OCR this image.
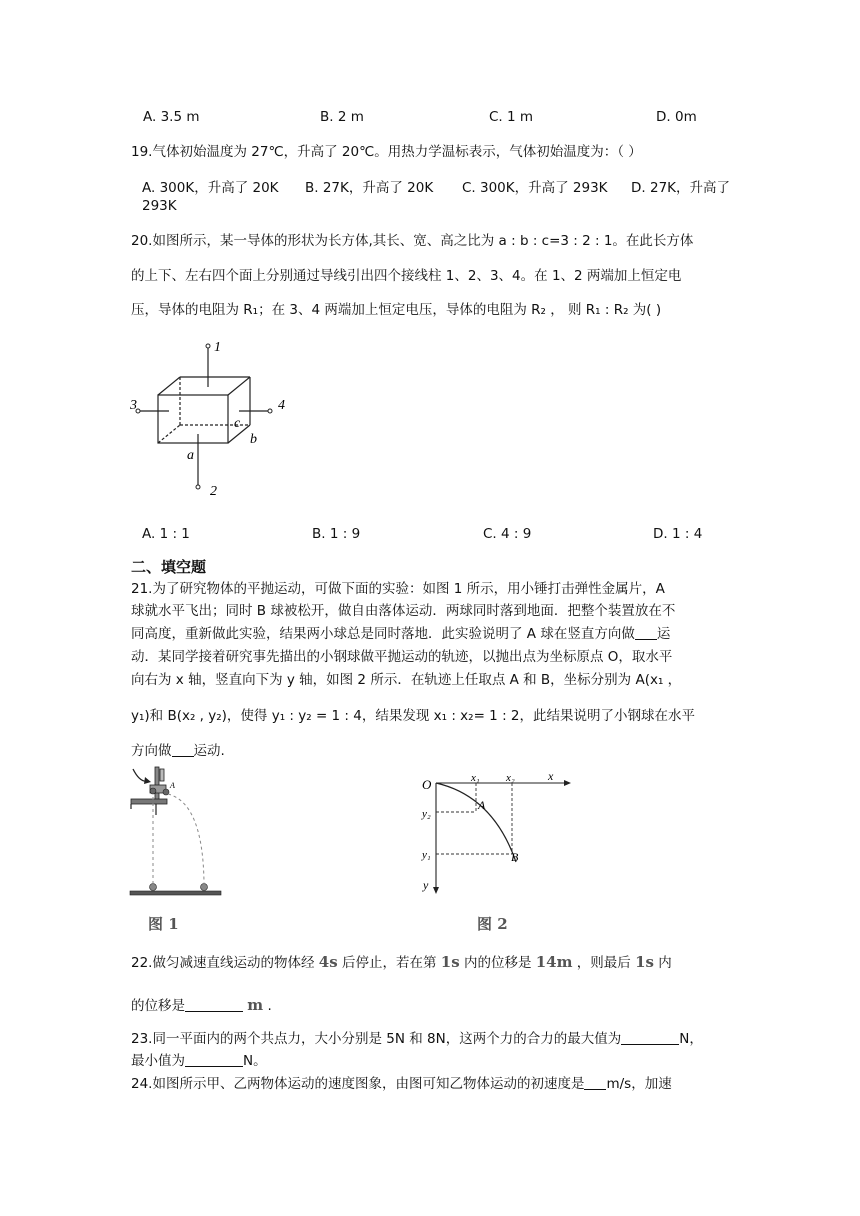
A. 3.5 m	B. 2 m	C. 1 m	D. 0m
19.气体初始温度为 27℃，升高了 20℃。用热力学温标表示，气体初始温度为：（ ）
A. 300K，升高了 20K B. 27K，升高了 20K C. 300K，升高了 293K D. 27K，升高了
293K
20.如图所示，某一导体的形状为长方体,其长、宽、高之比为 a : b : c=3 : 2 : 1。在此长方体
的上下、左右四个面上分别通过导线引出四个接线柱 1、2、3、4。在 1、2 两端加上恒定电
压，导体的电阻为 R₁；在 3、4 两端加上恒定电压，导体的电阻为 R₂ ， 则 R₁ : R₂ 为( )
1
2
3	4
a
b
c
A. 1 : 1	B. 1 : 9	C. 4 : 9	D. 1 : 4
二、填空题
21.为了研究物体的平抛运动，可做下面的实验：如图 1 所示，用小锤打击弹性金属片，A
球就水平飞出；同时 B 球被松开，做自由落体运动．两球同时落到地面．把整个装置放在不
同高度，重新做此实验，结果两小球总是同时落地．此实验说明了 A 球在竖直方向做 运
动．某同学接着研究事先描出的小钢球做平抛运动的轨迹，以抛出点为坐标原点 O，取水平
向右为 x 轴，竖直向下为 y 轴，如图 2 所示．在轨迹上任取点 A 和 B，坐标分别为 A(x₁ ，
y₁)和 B(x₂ , y₂)，使得 y₁ : y₂ = 1 : 4，结果发现 x₁ : x₂= 1 : 2，此结果说明了小钢球在水平
方向做 运动.
A
图 1
O	x₁ x₂	x
y
y₂
y₁
A
B
图 2
22.做匀减速直线运动的物体经 4s 后停止，若在第 1s 内的位移是 14m ，则最后 1s 内
的位移是	m .
23.同一平面内的两个共点力，大小分别是 5N 和 8N，这两个力的合力的最大值为	N，
最小值为	N。
24.如图所示甲、乙两物体运动的速度图象，由图可知乙物体运动的初速度是 m/s，加速
